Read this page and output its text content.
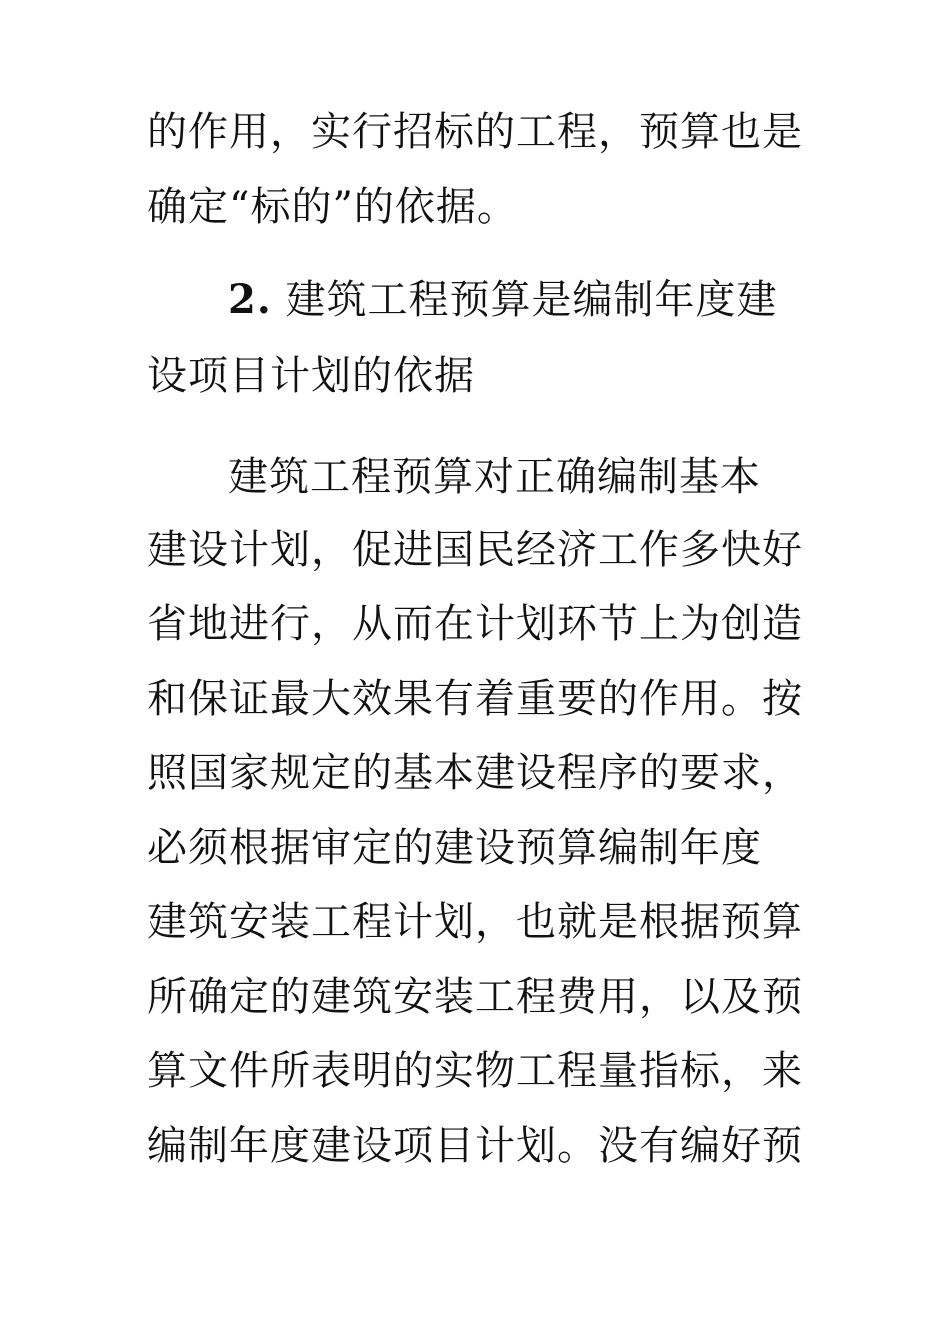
的作用，实行招标的工程，预算也是
确定“标的”的依据。
2. 建筑工程预算是编制年度建
设项目计划的依据
建筑工程预算对正确编制基本
建设计划，促进国民经济工作多快好
省地进行，从而在计划环节上为创造
和保证最大效果有着重要的作用。按
照国家规定的基本建设程序的要求，
必须根据审定的建设预算编制年度
建筑安装工程计划，也就是根据预算
所确定的建筑安装工程费用，以及预
算文件所表明的实物工程量指标，来
编制年度建设项目计划。没有编好预
